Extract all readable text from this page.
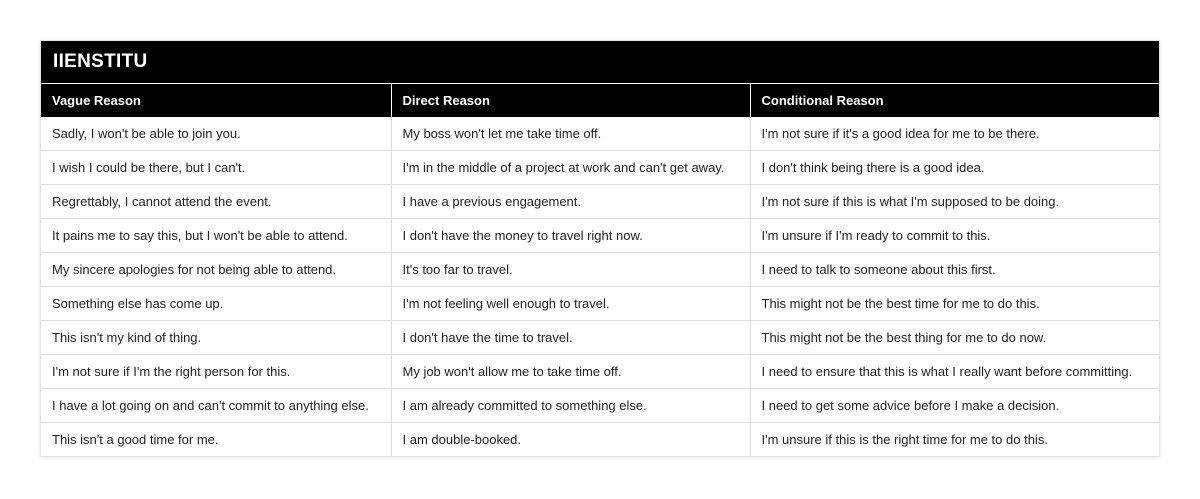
IIENSTITU
Vague Reason	Direct Reason	Conditional Reason
Sadly, I won't be able to join you.	My boss won't let me take time off.	I'm not sure if it's a good idea for me to be there.
I wish I could be there, but I can't.	I'm in the middle of a project at work and can't get away.	I don't think being there is a good idea.
Regrettably, I cannot attend the event.	I have a previous engagement.	I'm not sure if this is what I'm supposed to be doing.
It pains me to say this, but I won't be able to attend.	I don't have the money to travel right now.	I'm unsure if I'm ready to commit to this.
My sincere apologies for not being able to attend.	It's too far to travel.	I need to talk to someone about this first.
Something else has come up.	I'm not feeling well enough to travel.	This might not be the best time for me to do this.
This isn't my kind of thing.	I don't have the time to travel.	This might not be the best thing for me to do now.
I'm not sure if I'm the right person for this.	My job won't allow me to take time off.	I need to ensure that this is what I really want before committing.
I have a lot going on and can't commit to anything else.	I am already committed to something else.	I need to get some advice before I make a decision.
This isn't a good time for me.	I am double-booked.	I'm unsure if this is the right time for me to do this.
